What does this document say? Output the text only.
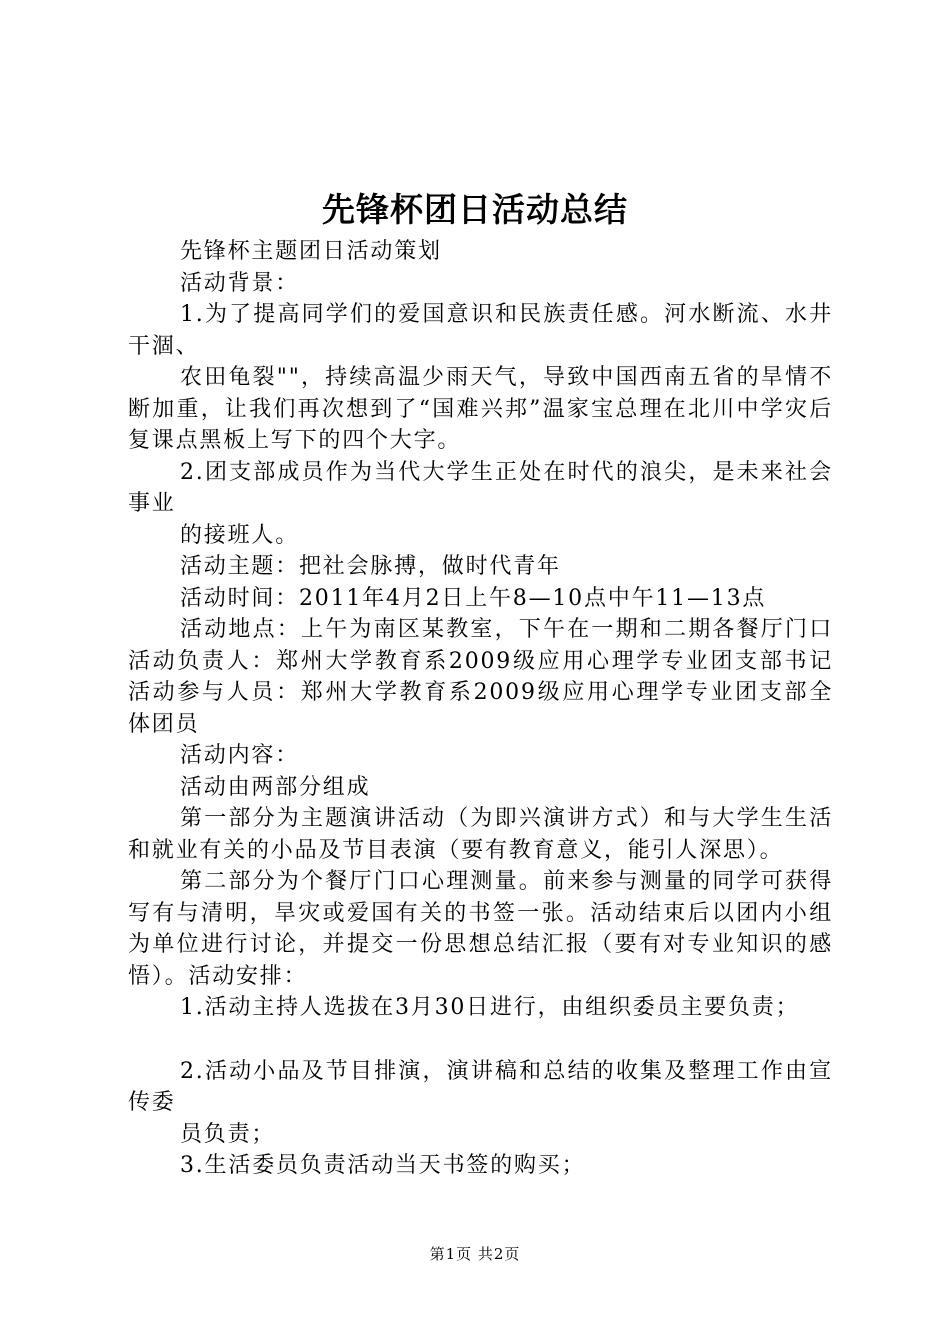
先锋杯团日活动总结

先锋杯主题团日活动策划

活动背景：

1.为了提高同学们的爱国意识和民族责任感。河水断流、水井干涸、

农田龟裂""，持续高温少雨天气，导致中国西南五省的旱情不断加重，让我们再次想到了“国难兴邦”温家宝总理在北川中学灾后复课点黑板上写下的四个大字。

2.团支部成员作为当代大学生正处在时代的浪尖，是未来社会事业

的接班人。

活动主题：把社会脉搏，做时代青年

活动时间：2011年4月2日上午8—10点中午11—13点

活动地点：上午为南区某教室，下午在一期和二期各餐厅门口活动负责人：郑州大学教育系2009级应用心理学专业团支部书记活动参与人员：郑州大学教育系2009级应用心理学专业团支部全体团员

活动内容：

活动由两部分组成

第一部分为主题演讲活动（为即兴演讲方式）和与大学生生活和就业有关的小品及节目表演（要有教育意义，能引人深思）。

第二部分为个餐厅门口心理测量。前来参与测量的同学可获得写有与清明，旱灾或爱国有关的书签一张。活动结束后以团内小组为单位进行讨论，并提交一份思想总结汇报（要有对专业知识的感悟）。活动安排：

1.活动主持人选拔在3月30日进行，由组织委员主要负责；

2.活动小品及节目排演，演讲稿和总结的收集及整理工作由宣传委

员负责；

3.生活委员负责活动当天书签的购买；

第1页 共2页
